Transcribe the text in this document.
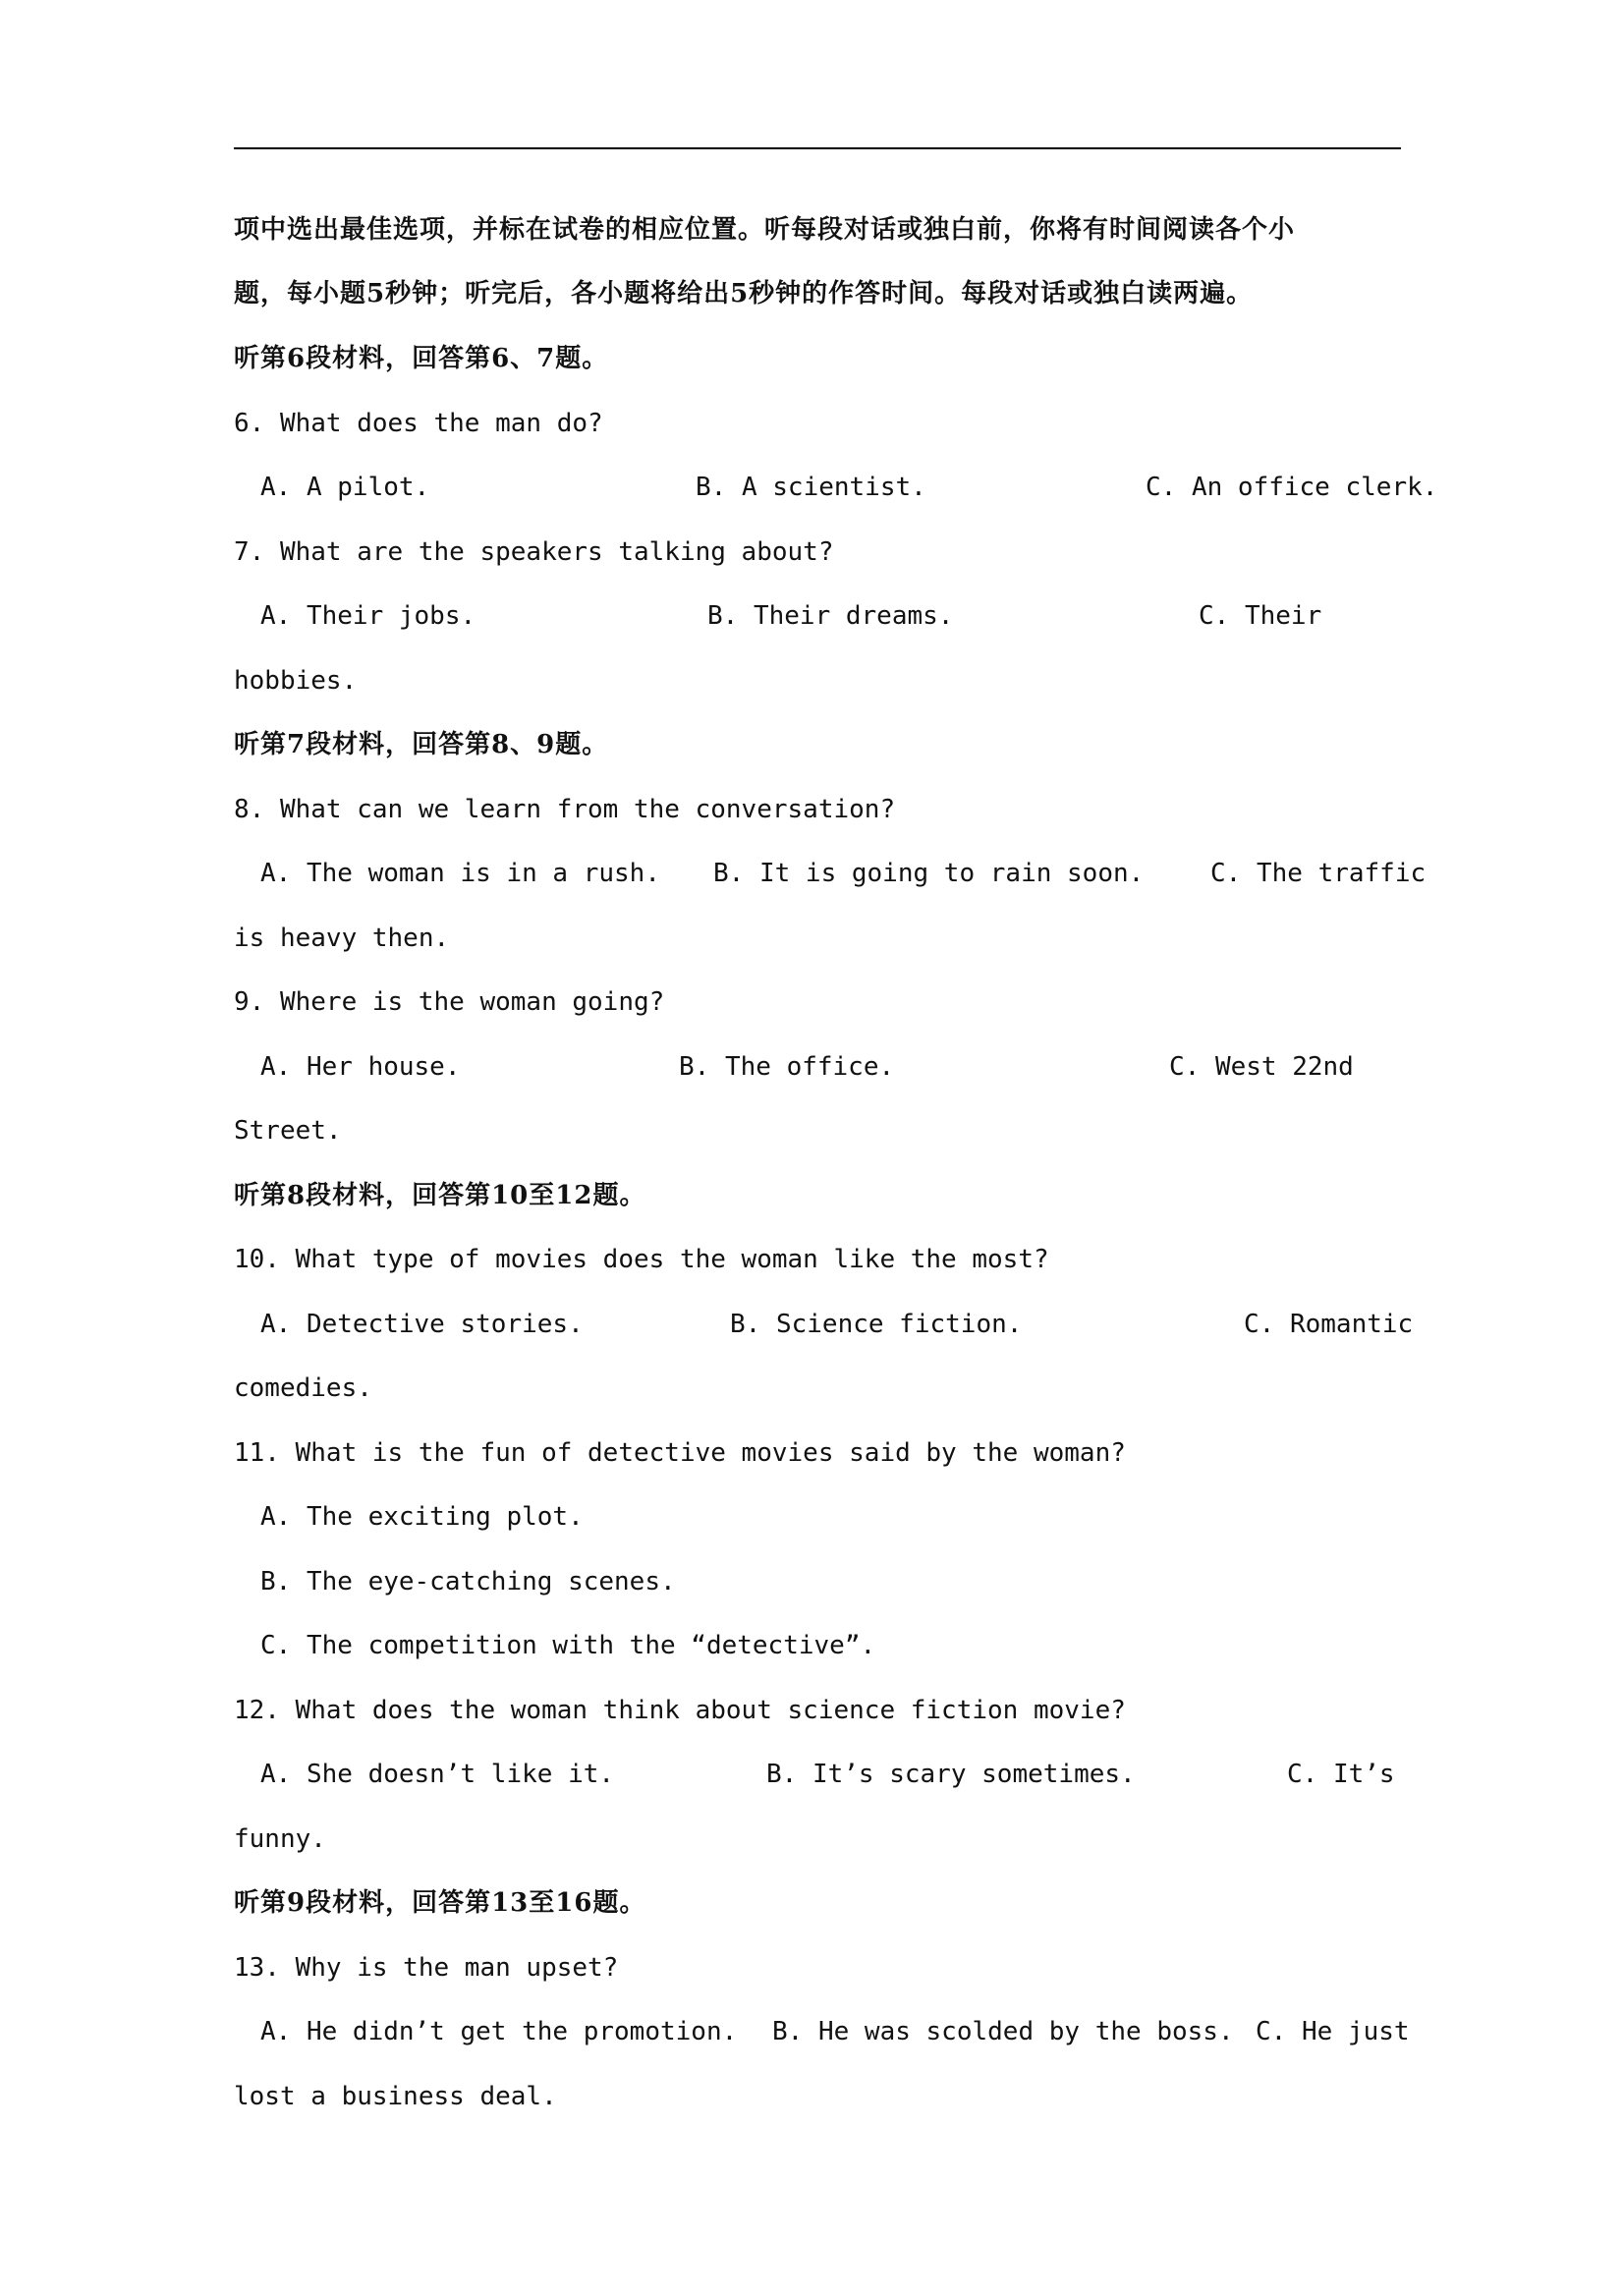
项中选出最佳选项，并标在试卷的相应位置。听每段对话或独白前，你将有时间阅读各个小
题，每小题5秒钟；听完后，各小题将给出5秒钟的作答时间。每段对话或独白读两遍。
听第6段材料，回答第6、7题。
6. What does the man do?

A. A pilot.

	B. A scientist.

	C. An office clerk.

7. What are the speakers talking about?

A. Their jobs.

	B. Their dreams.

	C. Their

hobbies.
听第7段材料，回答第8、9题。
8. What can we learn from the conversation?

A. The woman is in a rush.

B. It is going to rain soon.

	C. The traffic

is heavy then.
9. Where is the woman going?

A. Her house.

	B. The office.

	C. West 22nd

Street.
听第8段材料，回答第10至12题。
10. What type of movies does the woman like the most?

A. Detective stories.

	B. Science fiction.

	C. Romantic

comedies.
11. What is the fun of detective movies said by the woman?

A. The exciting plot.

B. The eye-catching scenes.

C. The competition with the “detective”.

12. What does the woman think about science fiction movie?

A. She doesn’t like it.

	B. It’s scary sometimes.

	C. It’s

funny.
听第9段材料，回答第13至16题。
13. Why is the man upset?

A. He didn’t get the promotion.

B. He was scolded by the boss.

C. He just

lost a business deal.
